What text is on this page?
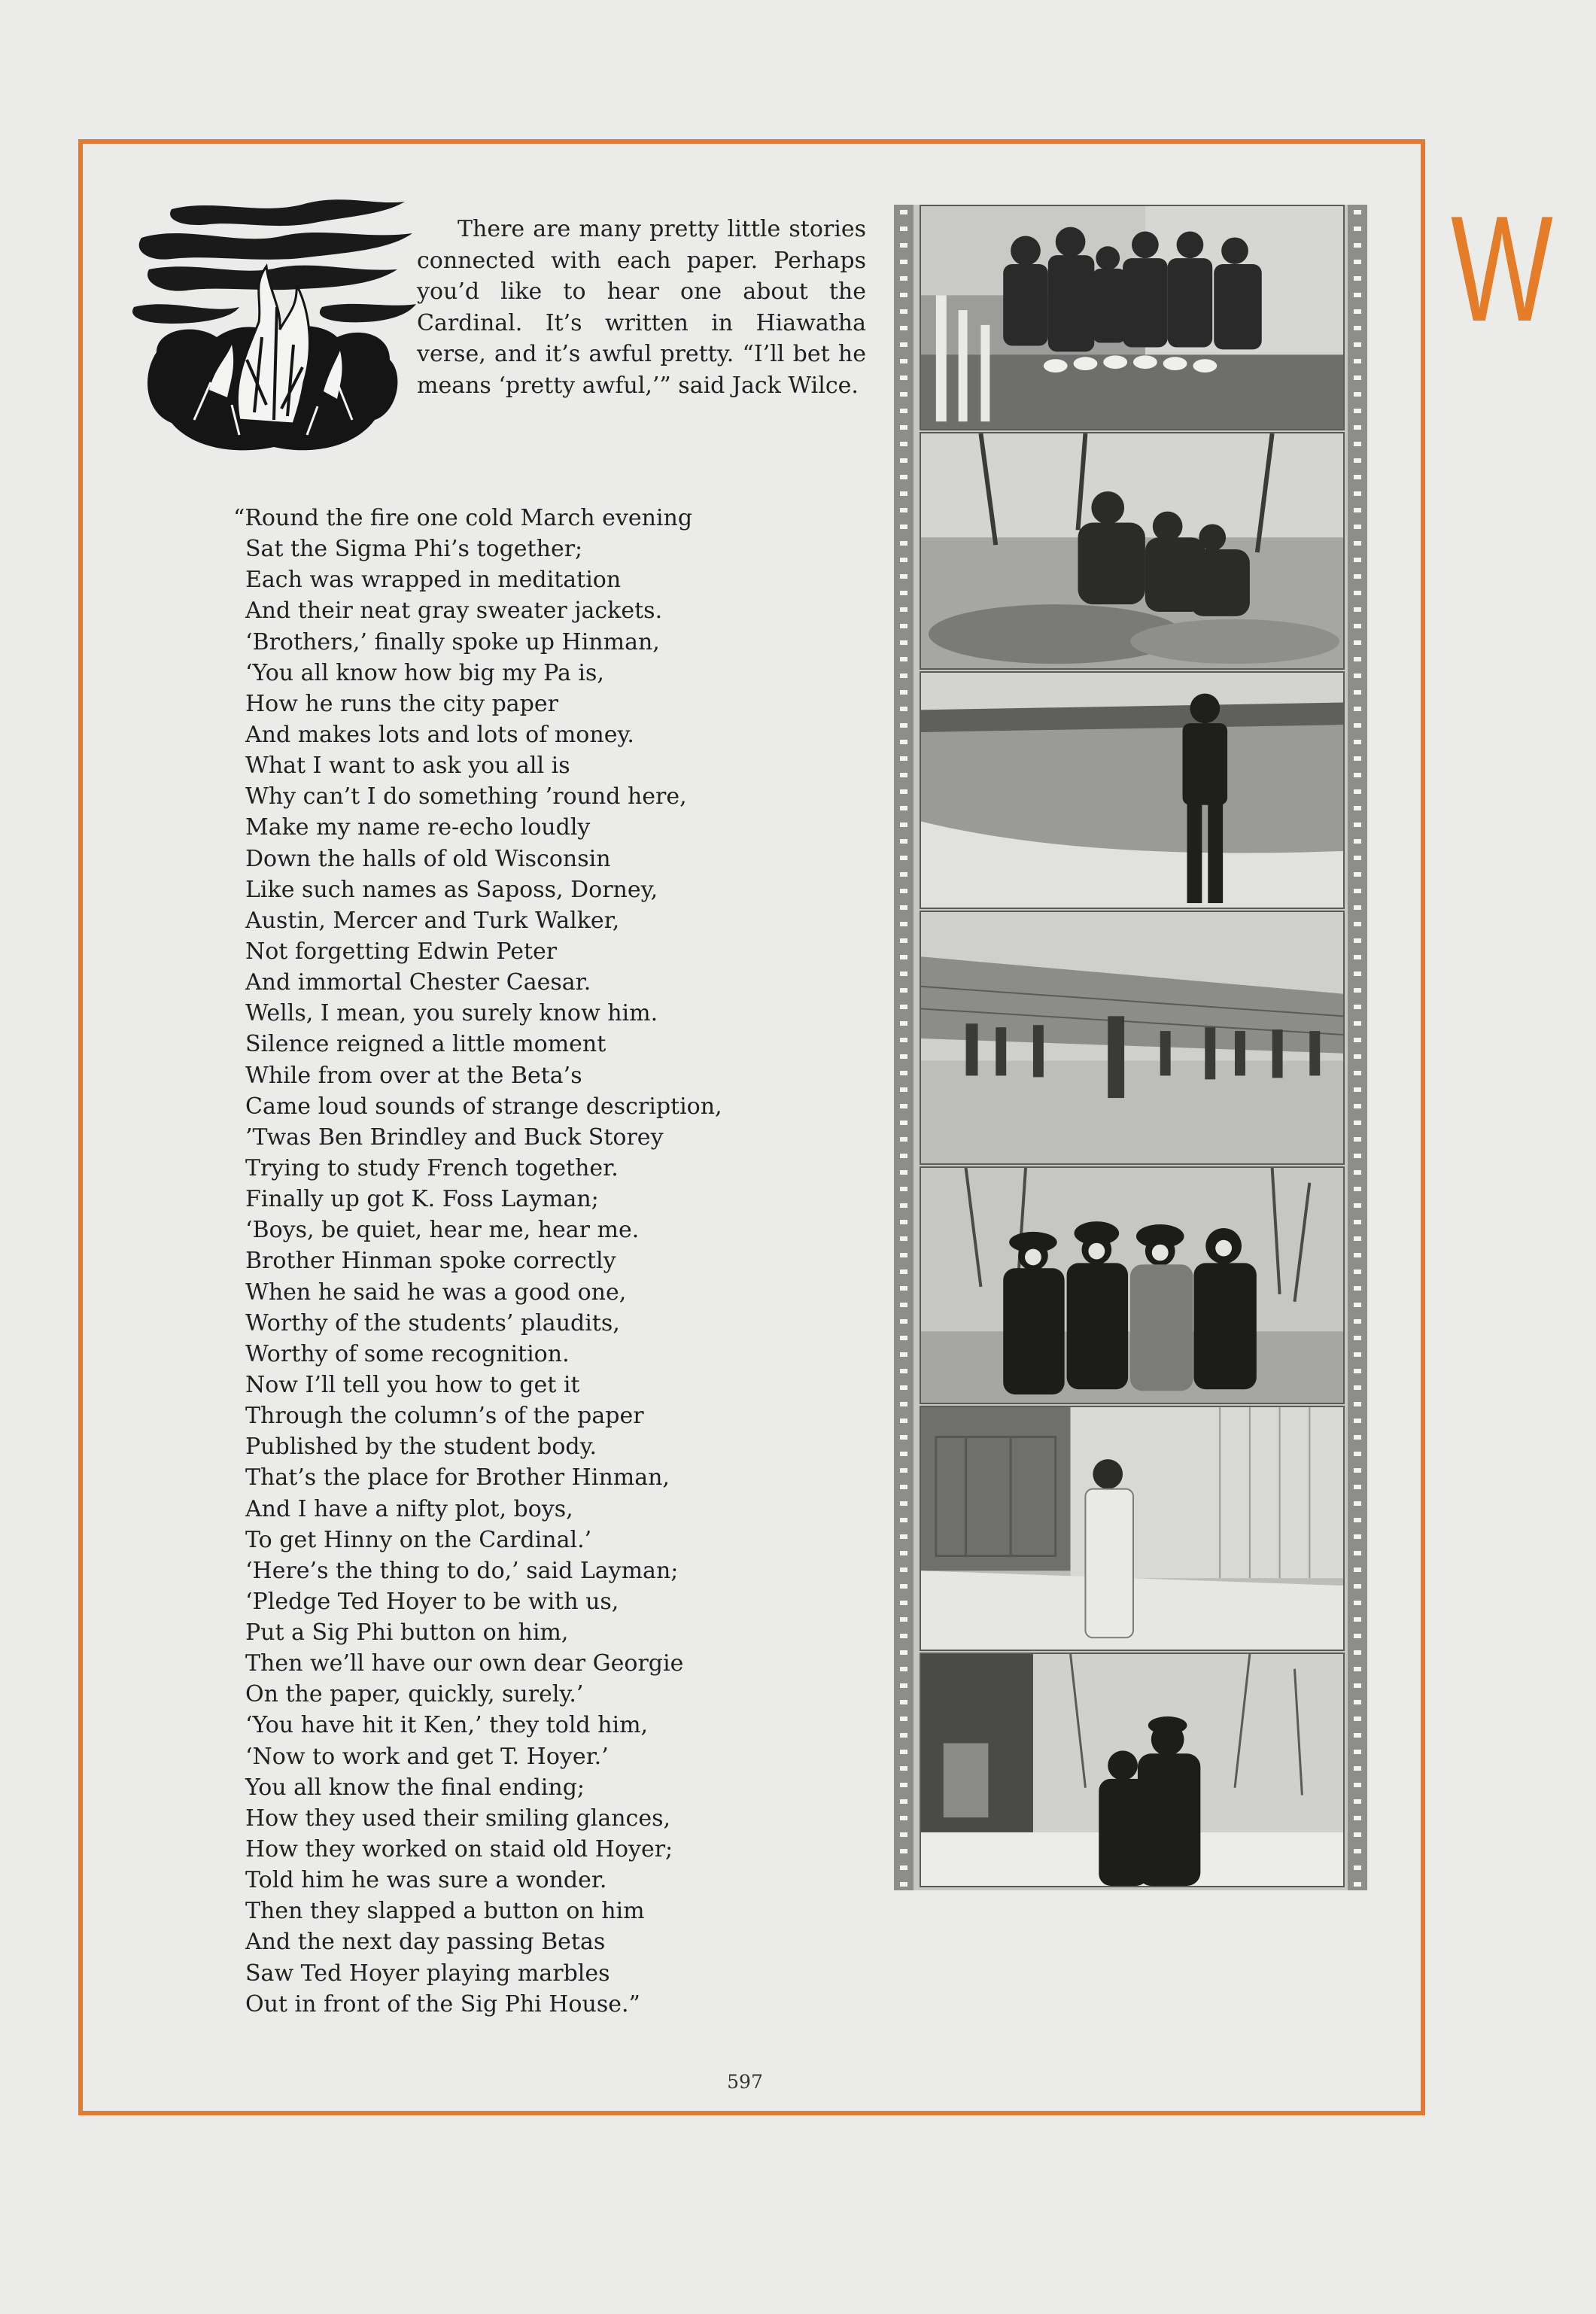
W
There are many pretty little stories connected with each paper. Perhaps you’d like to hear one about the Cardinal. It’s written in Hiawatha verse, and it’s awful pretty. “I’ll bet he means ‘pretty awful,’” said Jack Wilce.
“Round the fire one cold March evening
Sat the Sigma Phi’s together;
Each was wrapped in meditation
And their neat gray sweater jackets.
‘Brothers,’ finally spoke up Hinman,
‘You all know how big my Pa is,
How he runs the city paper
And makes lots and lots of money.
What I want to ask you all is
Why can’t I do something ’round here,
Make my name re-echo loudly
Down the halls of old Wisconsin
Like such names as Saposs, Dorney,
Austin, Mercer and Turk Walker,
Not forgetting Edwin Peter
And immortal Chester Caesar.
Wells, I mean, you surely know him.
Silence reigned a little moment
While from over at the Beta’s
Came loud sounds of strange description,
’Twas Ben Brindley and Buck Storey
Trying to study French together.
Finally up got K. Foss Layman;
‘Boys, be quiet, hear me, hear me.
Brother Hinman spoke correctly
When he said he was a good one,
Worthy of the students’ plaudits,
Worthy of some recognition.
Now I’ll tell you how to get it
Through the column’s of the paper
Published by the student body.
That’s the place for Brother Hinman,
And I have a nifty plot, boys,
To get Hinny on the Cardinal.’
‘Here’s the thing to do,’ said Layman;
‘Pledge Ted Hoyer to be with us,
Put a Sig Phi button on him,
Then we’ll have our own dear Georgie
On the paper, quickly, surely.’
‘You have hit it Ken,’ they told him,
‘Now to work and get T. Hoyer.’
You all know the final ending;
How they used their smiling glances,
How they worked on staid old Hoyer;
Told him he was sure a wonder.
Then they slapped a button on him
And the next day passing Betas
Saw Ted Hoyer playing marbles
Out in front of the Sig Phi House.”
597
